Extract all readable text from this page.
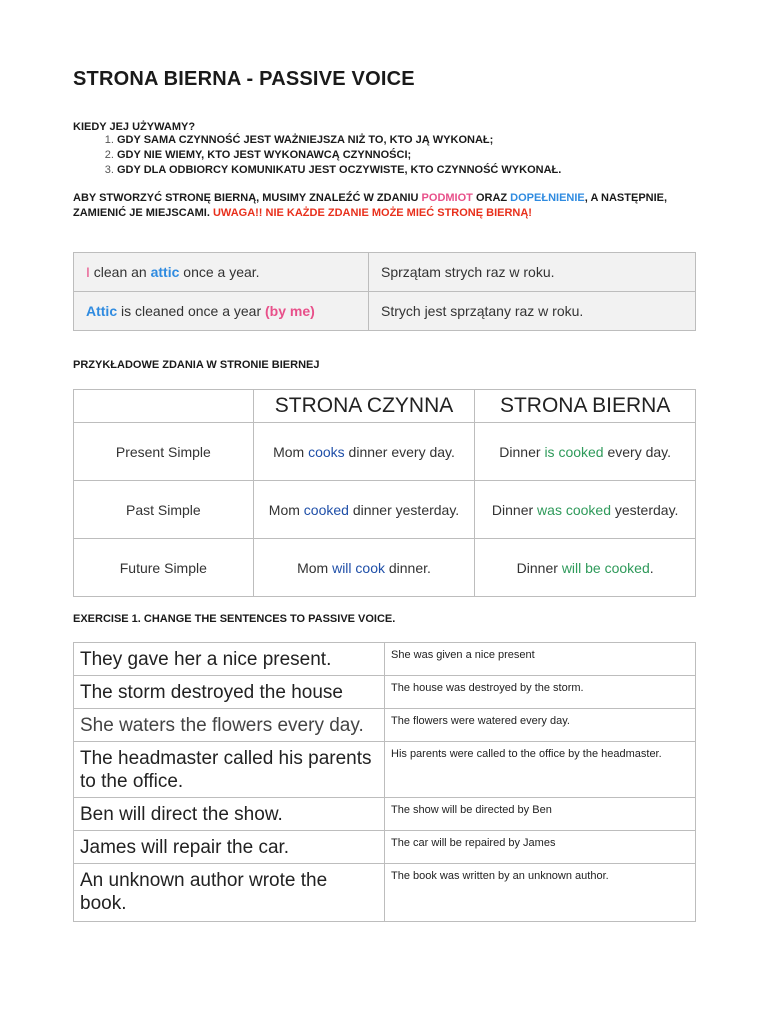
STRONA BIERNA - PASSIVE VOICE

KIEDY JEJ UŻYWAMY?

1. GDY SAMA CZYNNOŚĆ JEST WAŻNIEJSZA NIŻ TO, KTO JĄ WYKONAŁ;
2. GDY NIE WIEMY, KTO JEST WYKONAWCĄ CZYNNOŚCI;
3. GDY DLA ODBIORCY KOMUNIKATU JEST OCZYWISTE, KTO CZYNNOŚĆ WYKONAŁ.

ABY STWORZYĆ STRONĘ BIERNĄ, MUSIMY ZNALEŹĆ W ZDANIU PODMIOT ORAZ DOPEŁNIENIE, A NASTĘPNIE, ZAMIENIĆ JE MIEJSCAMI. UWAGA!! NIE KAŻDE ZDANIE MOŻE MIEĆ STRONĘ BIERNĄ!

I clean an attic once a year.	Sprzątam strych raz w roku.
Attic is cleaned once a year (by me)	Strych jest sprzątany raz w roku.

PRZYKŁADOWE ZDANIA W STRONIE BIERNEJ

	STRONA CZYNNA	STRONA BIERNA
Present Simple	Mom cooks dinner every day.	Dinner is cooked every day.
Past Simple	Mom cooked dinner yesterday.	Dinner was cooked yesterday.
Future Simple	Mom will cook dinner.	Dinner will be cooked.

EXERCISE 1. CHANGE THE SENTENCES TO PASSIVE VOICE.

They gave her a nice present.	She was given a nice present
The storm destroyed the house	The house was destroyed by the storm.
She waters the flowers every day.	The flowers were watered every day.
The headmaster called his parents to the office.	His parents were called to the office by the headmaster.
Ben will direct the show.	The show will be directed by Ben
James will repair the car.	The car will be repaired by James
An unknown author wrote the book.	The book was written by an unknown author.
